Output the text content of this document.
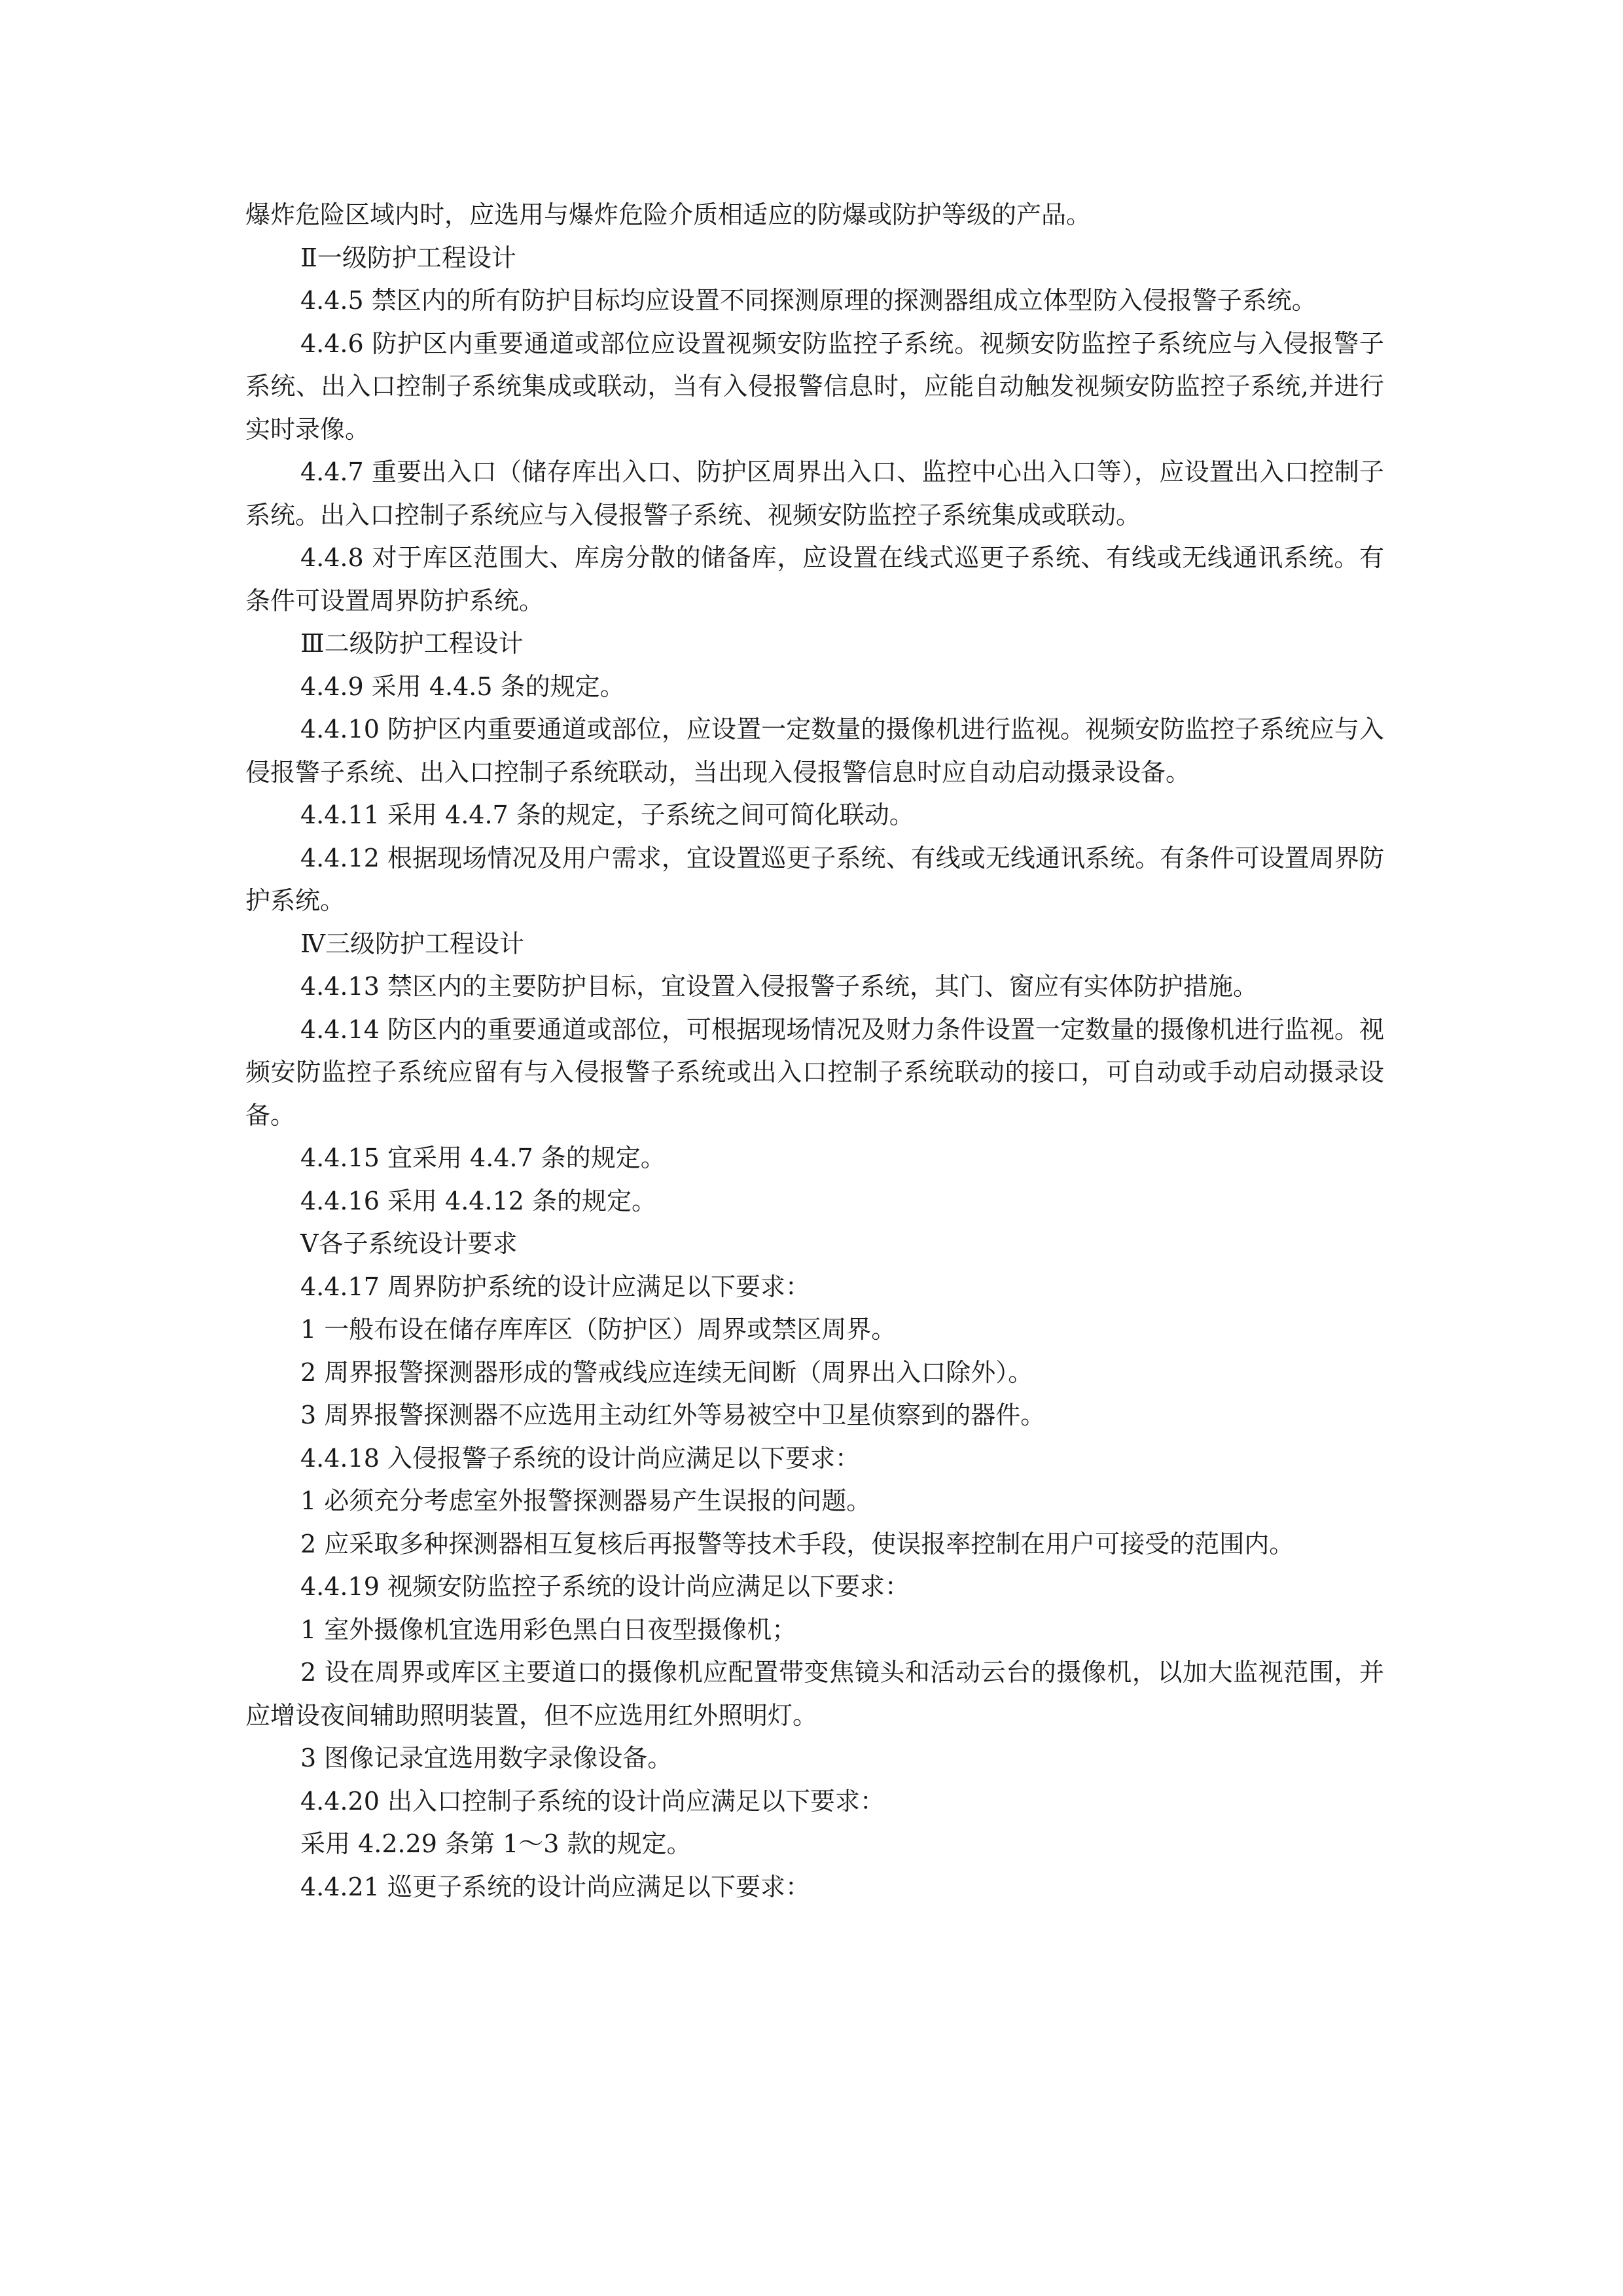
爆炸危险区域内时，应选用与爆炸危险介质相适应的防爆或防护等级的产品。

Ⅱ一级防护工程设计

4.4.5 禁区内的所有防护目标均应设置不同探测原理的探测器组成立体型防入侵报警子系统。

4.4.6 防护区内重要通道或部位应设置视频安防监控子系统。视频安防监控子系统应与入侵报警子系统、出入口控制子系统集成或联动，当有入侵报警信息时，应能自动触发视频安防监控子系统,并进行实时录像。

4.4.7 重要出入口（储存库出入口、防护区周界出入口、监控中心出入口等），应设置出入口控制子系统。出入口控制子系统应与入侵报警子系统、视频安防监控子系统集成或联动。

4.4.8 对于库区范围大、库房分散的储备库，应设置在线式巡更子系统、有线或无线通讯系统。有条件可设置周界防护系统。

Ⅲ二级防护工程设计

4.4.9 采用 4.4.5 条的规定。

4.4.10 防护区内重要通道或部位，应设置一定数量的摄像机进行监视。视频安防监控子系统应与入侵报警子系统、出入口控制子系统联动，当出现入侵报警信息时应自动启动摄录设备。

4.4.11 采用 4.4.7 条的规定，子系统之间可简化联动。

4.4.12 根据现场情况及用户需求，宜设置巡更子系统、有线或无线通讯系统。有条件可设置周界防护系统。

Ⅳ三级防护工程设计

4.4.13 禁区内的主要防护目标，宜设置入侵报警子系统，其门、窗应有实体防护措施。

4.4.14 防区内的重要通道或部位，可根据现场情况及财力条件设置一定数量的摄像机进行监视。视频安防监控子系统应留有与入侵报警子系统或出入口控制子系统联动的接口，可自动或手动启动摄录设备。

4.4.15 宜采用 4.4.7 条的规定。

4.4.16 采用 4.4.12 条的规定。

Ⅴ各子系统设计要求

4.4.17 周界防护系统的设计应满足以下要求：

1 一般布设在储存库库区（防护区）周界或禁区周界。

2 周界报警探测器形成的警戒线应连续无间断（周界出入口除外）。

3 周界报警探测器不应选用主动红外等易被空中卫星侦察到的器件。

4.4.18 入侵报警子系统的设计尚应满足以下要求：

1 必须充分考虑室外报警探测器易产生误报的问题。

2 应采取多种探测器相互复核后再报警等技术手段，使误报率控制在用户可接受的范围内。

4.4.19 视频安防监控子系统的设计尚应满足以下要求：

1 室外摄像机宜选用彩色黑白日夜型摄像机；

2 设在周界或库区主要道口的摄像机应配置带变焦镜头和活动云台的摄像机，以加大监视范围，并应增设夜间辅助照明装置，但不应选用红外照明灯。

3 图像记录宜选用数字录像设备。

4.4.20 出入口控制子系统的设计尚应满足以下要求：

采用 4.2.29 条第 1～3 款的规定。

4.4.21 巡更子系统的设计尚应满足以下要求：
